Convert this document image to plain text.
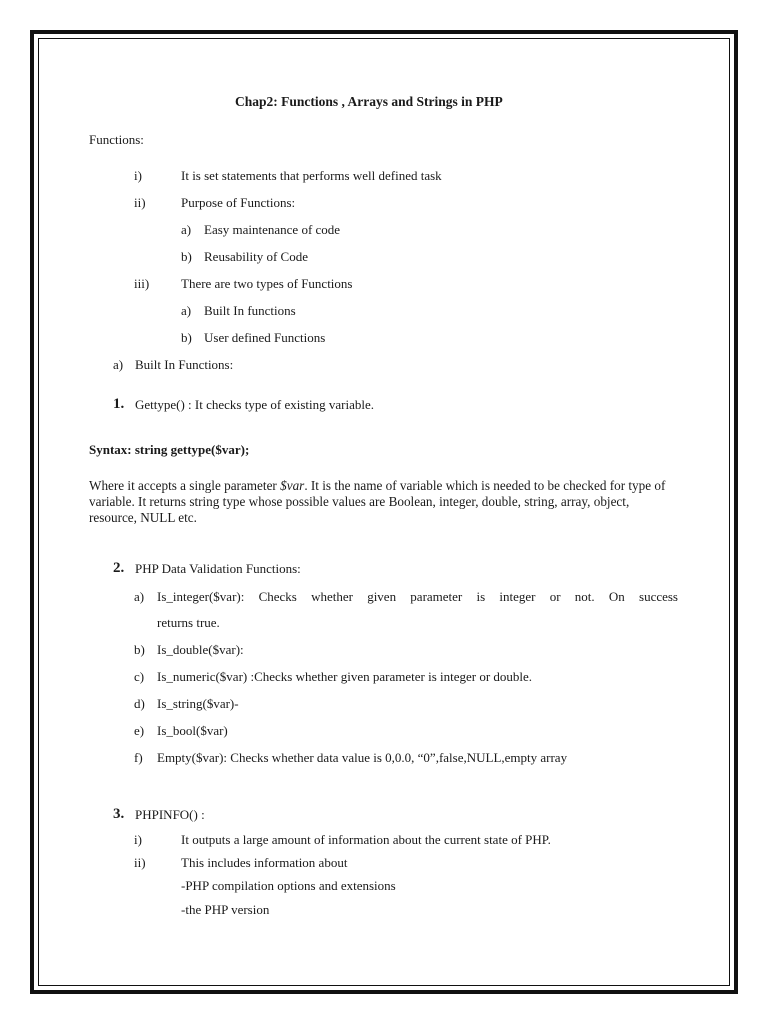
Chap2: Functions , Arrays and Strings in PHP
Functions:
i)	It is set statements that performs well defined task
ii)	Purpose of Functions:
a) Easy maintenance of code
b) Reusability of Code
iii) There are two types of Functions
a) Built In functions
b) User defined Functions
a) Built In Functions:
1. Gettype() : It checks type of existing variable.
Syntax: string gettype($var);
Where it accepts a single parameter $var. It is the name of variable which is needed to be checked for type of variable. It returns string type whose possible values are Boolean, integer, double, string, array, object, resource, NULL etc.
2. PHP Data Validation Functions:
a) Is_integer($var): Checks whether given parameter is integer or not. On success
returns true.
b) Is_double($var):
c) Is_numeric($var) :Checks whether given parameter is integer or double.
d) Is_string($var)-
e) Is_bool($var)
f) Empty($var): Checks whether data value is 0,0.0, “0”,false,NULL,empty array
3. PHPINFO() :
i)	It outputs a large amount of information about the current state of PHP.
ii)	This includes information about
-PHP compilation options and extensions
-the PHP version
